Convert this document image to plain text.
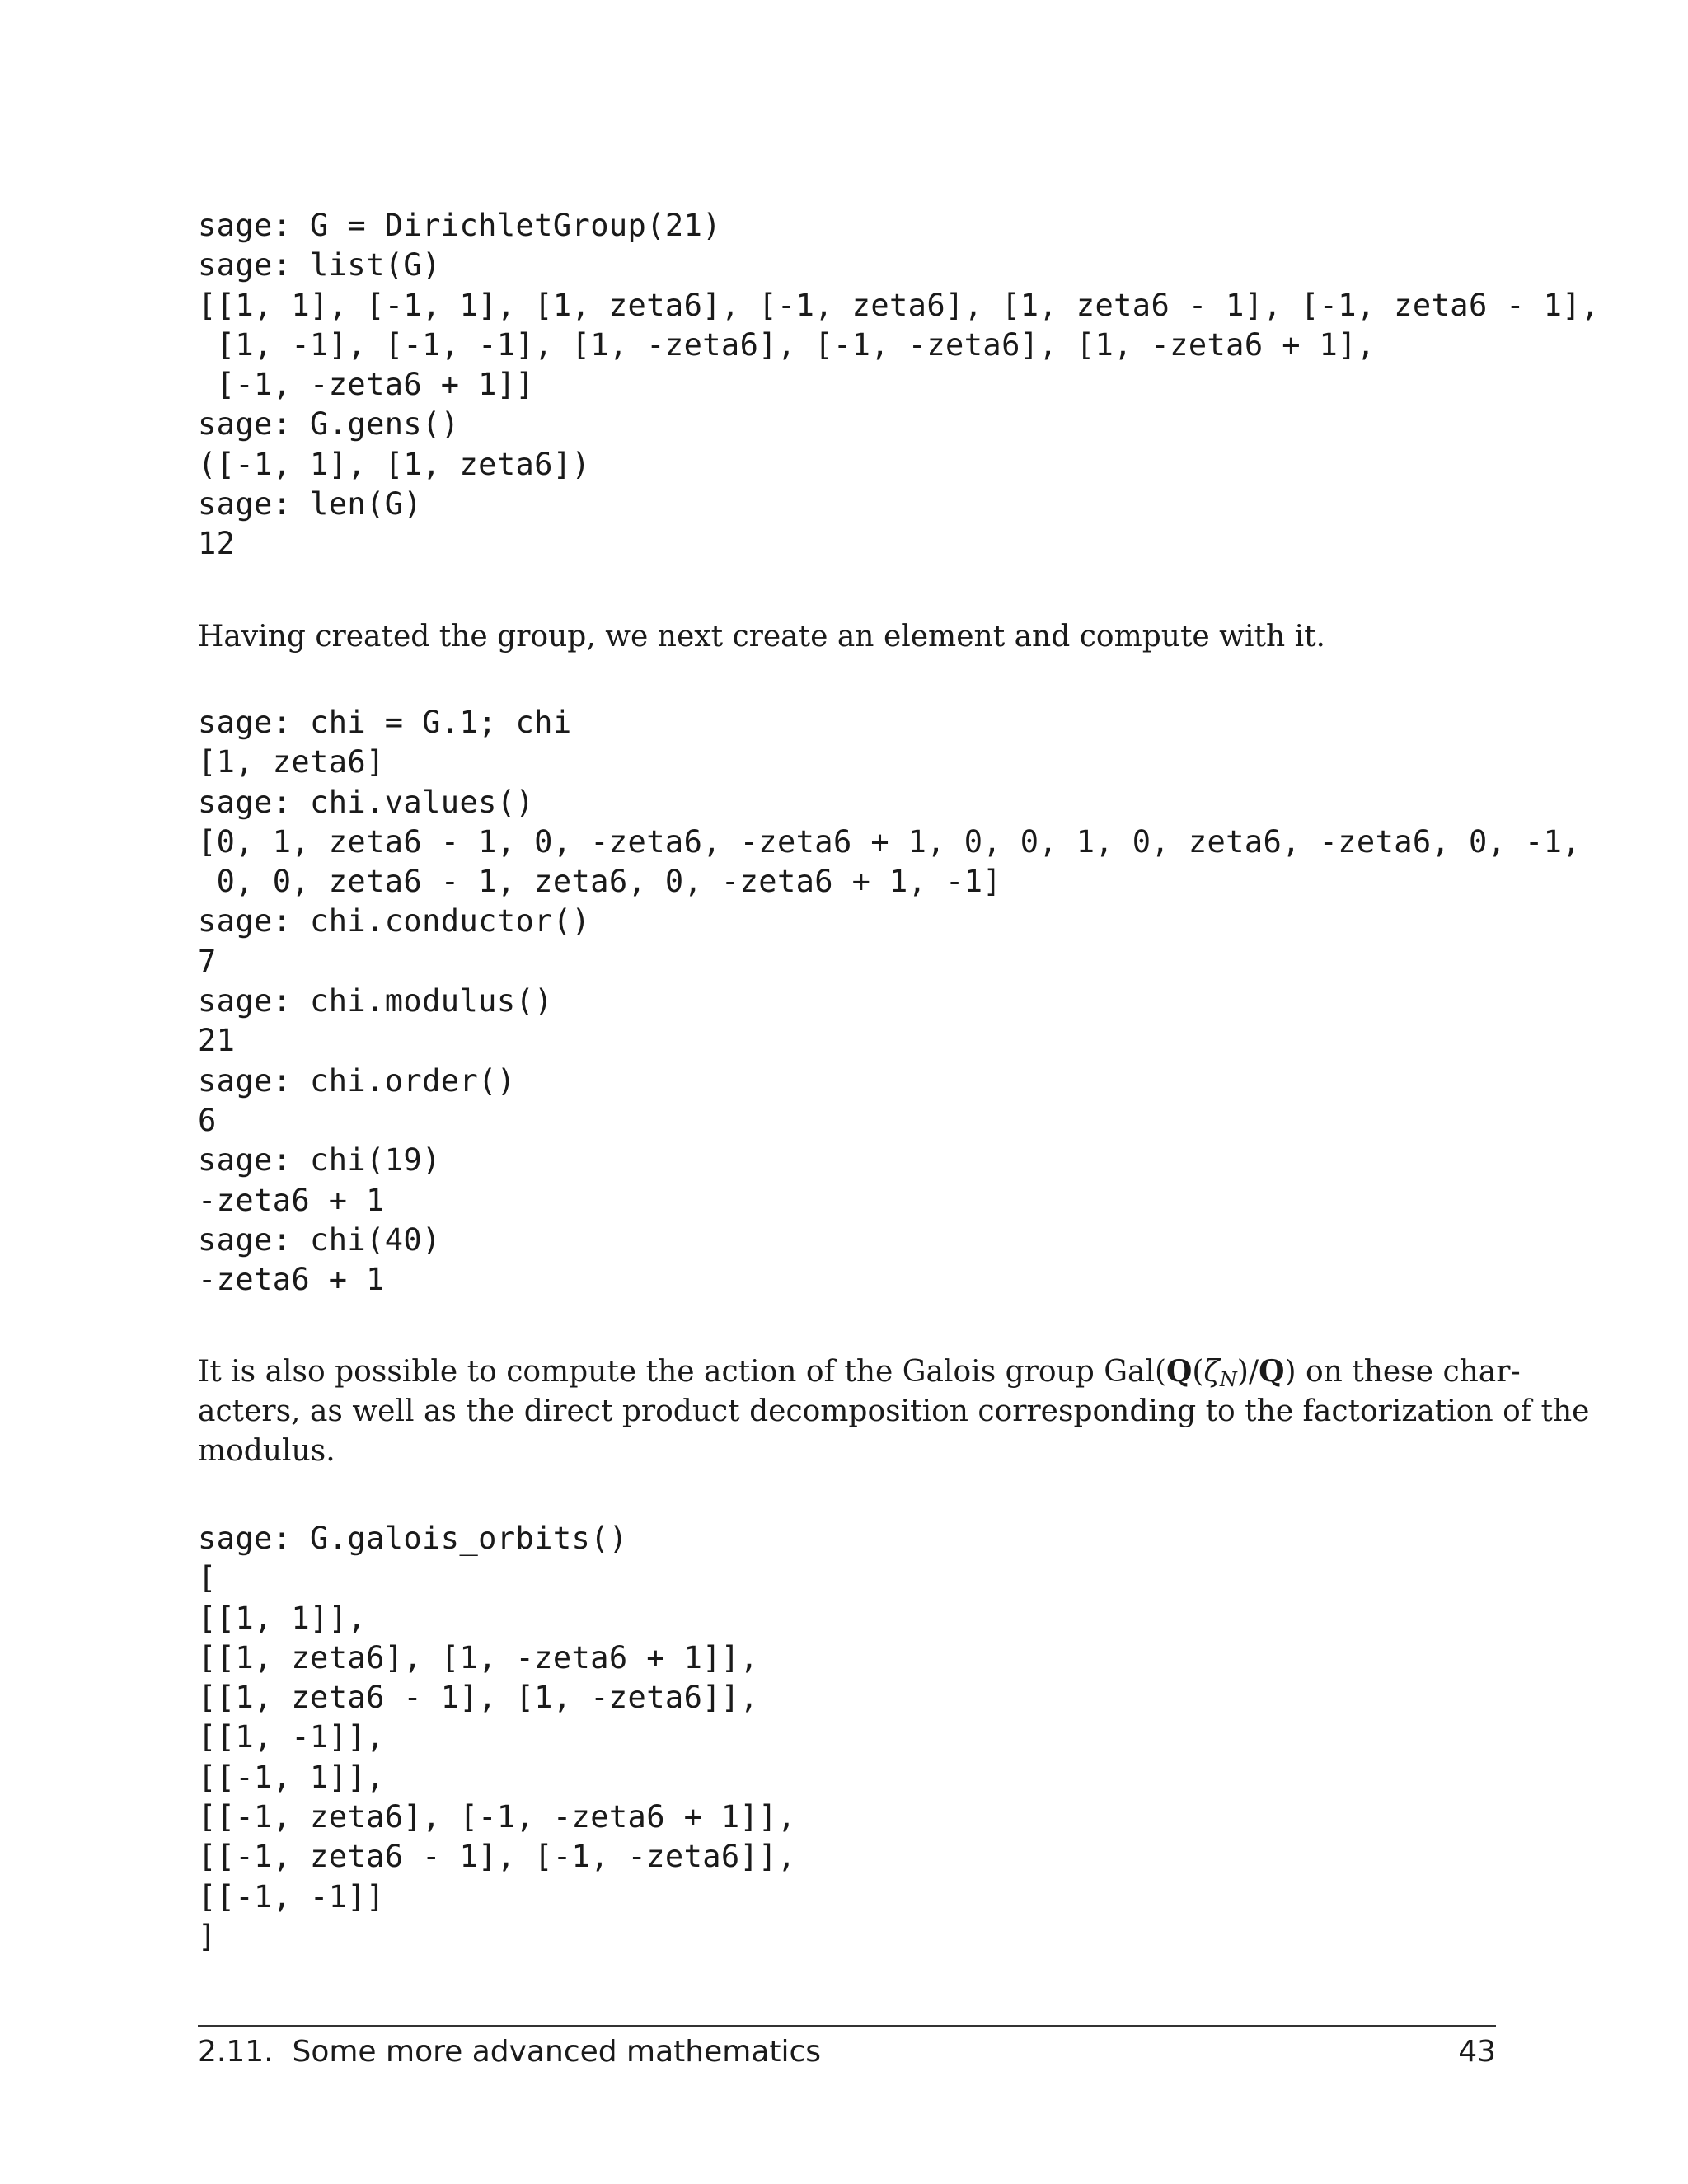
sage: G = DirichletGroup(21)
sage: list(G)
[[1, 1], [-1, 1], [1, zeta6], [-1, zeta6], [1, zeta6 - 1], [-1, zeta6 - 1],
[1, -1], [-1, -1], [1, -zeta6], [-1, -zeta6], [1, -zeta6 + 1],
[-1, -zeta6 + 1]]
sage: G.gens()
([-1, 1], [1, zeta6])
sage: len(G)
12

Having created the group, we next create an element and compute with it.

sage: chi = G.1; chi
[1, zeta6]
sage: chi.values()
[0, 1, zeta6 - 1, 0, -zeta6, -zeta6 + 1, 0, 0, 1, 0, zeta6, -zeta6, 0, -1,
0, 0, zeta6 - 1, zeta6, 0, -zeta6 + 1, -1]
sage: chi.conductor()
7
sage: chi.modulus()
21
sage: chi.order()
6
sage: chi(19)
-zeta6 + 1
sage: chi(40)
-zeta6 + 1

It is also possible to compute the action of the Galois group $Gal(Q(\zeta_N)/Q)$ on these char-
acters, as well as the direct product decomposition corresponding to the factorization of the
modulus.

sage: G.galois_orbits()
[
[[1, 1]],
[[1, zeta6], [1, -zeta6 + 1]],
[[1, zeta6 - 1], [1, -zeta6]],
[[1, -1]],
[[-1, 1]],
[[-1, zeta6], [-1, -zeta6 + 1]],
[[-1, zeta6 - 1], [-1, -zeta6]],
[[-1, -1]]
]
2.11.  Some more advanced mathematics	43
